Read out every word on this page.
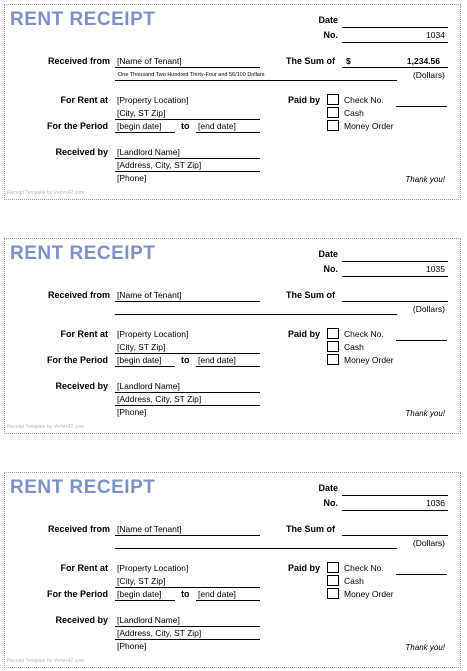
RENT RECEIPT	Date
No.	1034
Received from [Name of Tenant]	The Sum of $	1,234.56
One Thousand Two Hundred Thirty-Four and 56/100 Dollars	(Dollars)
For Rent at [Property Location]
[City, ST Zip]
For the Period [begin date] to [end date]
Paid by	Check No.
Cash
Money Order
Received by [Landlord Name]
[Address, City, ST Zip]
[Phone]	Thank you!
Receipt Template by Vertex42.com
RENT RECEIPT	Date
No.	1035
Received from [Name of Tenant]	The Sum of
(Dollars)
For Rent at [Property Location]
[City, ST Zip]
For the Period [begin date] to [end date]
Paid by	Check No.
Cash
Money Order
Received by [Landlord Name]
[Address, City, ST Zip]
[Phone]	Thank you!
Receipt Template by Vertex42.com
RENT RECEIPT	Date
No.	1036
Received from [Name of Tenant]	The Sum of
(Dollars)
For Rent at [Property Location]
[City, ST Zip]
For the Period [begin date] to [end date]
Paid by	Check No.
Cash
Money Order
Received by [Landlord Name]
[Address, City, ST Zip]
[Phone]	Thank you!
Receipt Template by Vertex42.com
